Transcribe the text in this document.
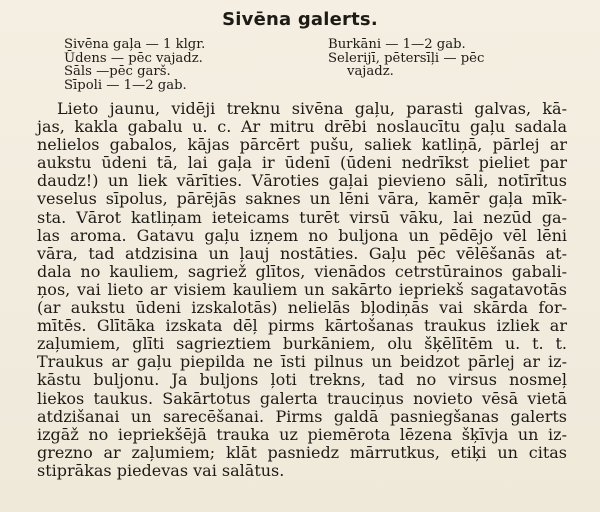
Sivēna galerts.
Sivēna gaļa — 1 klgr.
Ūdens — pēc vajadz.
Sāls —pēc garš.
Sīpoli — 1—2 gab.
Burkāni — 1—2 gab.
Selerijī, pētersīļi — pēc
vajadz.
Lieto jaunu, vidēji treknu sivēna gaļu, parasti galvas, kā-
jas, kakla gabalu u. c. Ar mitru drēbi noslaucītu gaļu sadala
nelielos gabalos, kājas pārcērt pušu, saliek katliņā, pārlej ar
aukstu ūdeni tā, lai gaļa ir ūdenī (ūdeni nedrīkst pieliet par
daudz!) un liek vārīties. Vāroties gaļai pievieno sāli, notīrītus
veselus sīpolus, pārējās saknes un lēni vāra, kamēr gaļa mīk-
sta. Vārot katliņam ieteicams turēt virsū vāku, lai nezūd ga-
las aroma. Gatavu gaļu izņem no buljona un pēdējo vēl lēni
vāra, tad atdzisina un ļauj nostāties. Gaļu pēc vēlēšanās at-
dala no kauliem, sagriež glītos, vienādos cetrstūrainos gabali-
ņos, vai lieto ar visiem kauliem un sakārto iepriekš sagatavotās
(ar aukstu ūdeni izskalotās) nelielās bļodiņās vai skārda for-
mītēs. Glītāka izskata dēļ pirms kārtošanas traukus izliek ar
zaļumiem, glīti sagrieztiem burkāniem, olu šķēlītēm u. t. t.
Traukus ar gaļu piepilda ne īsti pilnus un beidzot pārlej ar iz-
kāstu buljonu. Ja buljons ļoti trekns, tad no virsus nosmeļ
liekos taukus. Sakārtotus galerta trauciņus novieto vēsā vietā
atdzišanai un sarecēšanai. Pirms galdā pasniegšanas galerts
izgāž no iepriekšējā trauka uz piemērota lēzena šķīvja un iz-
grezno ar zaļumiem; klāt pasniedz mārrutkus, etiķi un citas
stiprākas piedevas vai salātus.
